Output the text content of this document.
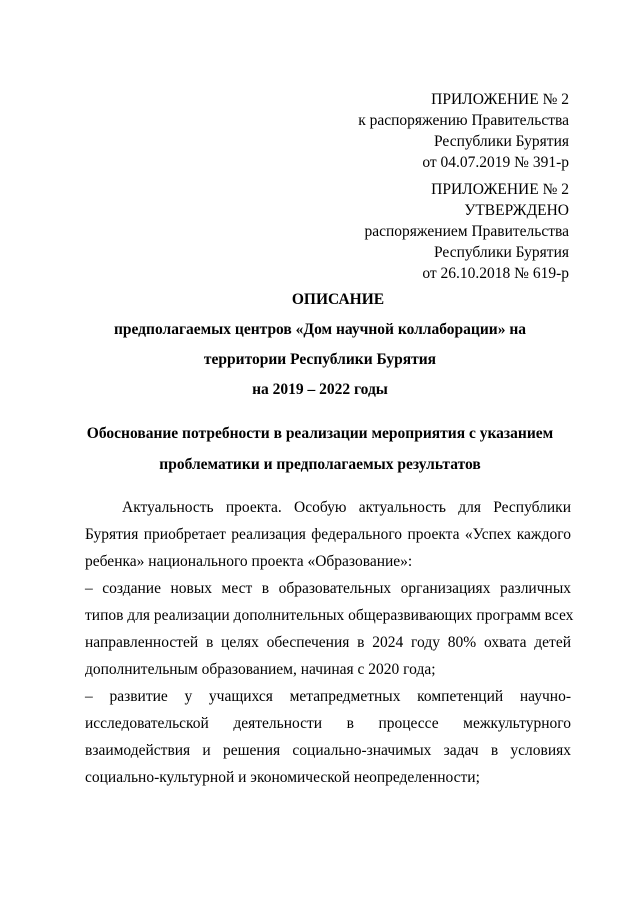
ПРИЛОЖЕНИЕ № 2
к распоряжению Правительства
Республики Бурятия
от 04.07.2019 № 391-р
ПРИЛОЖЕНИЕ № 2
УТВЕРЖДЕНО
распоряжением Правительства
Республики Бурятия
от 26.10.2018 № 619-р
ОПИСАНИЕ
предполагаемых центров «Дом научной коллаборации» на
территории Республики Бурятия
на 2019 – 2022 годы
Обоснование потребности в реализации мероприятия с указанием
проблематики и предполагаемых результатов
Актуальность проекта. Особую актуальность для Республики
Бурятия приобретает реализация федерального проекта «Успех каждого
ребенка» национального проекта «Образование»:
– создание новых мест в образовательных организациях различных
типов для реализации дополнительных общеразвивающих программ всех
направленностей в целях обеспечения в 2024 году 80% охвата детей
дополнительным образованием, начиная с 2020 года;
– развитие у учащихся метапредметных компетенций научно-
исследовательской деятельности в процессе межкультурного
взаимодействия и решения социально-значимых задач в условиях
социально-культурной и экономической неопределенности;
